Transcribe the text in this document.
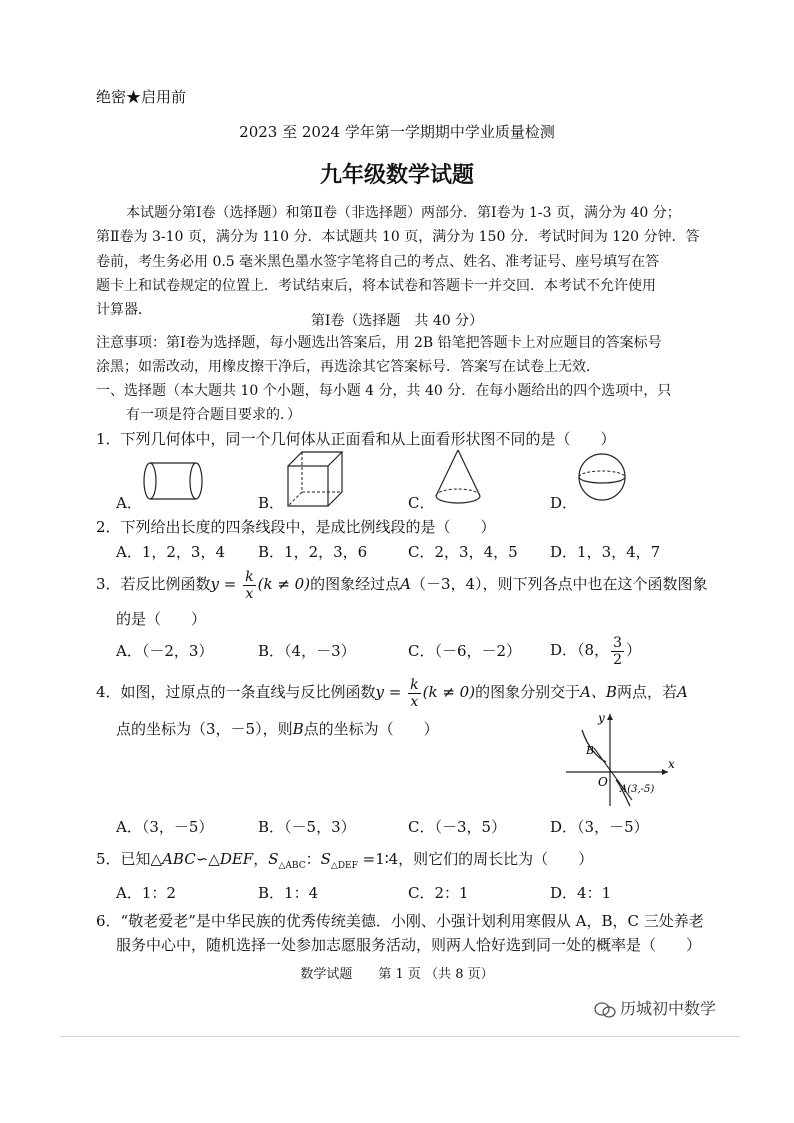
绝密★启用前
2023 至 2024 学年第一学期期中学业质量检测
九年级数学试题
本试题分第Ⅰ卷（选择题）和第Ⅱ卷（非选择题）两部分．第Ⅰ卷为 1-3 页，满分为 40 分；
第Ⅱ卷为 3-10 页，满分为 110 分．本试题共 10 页，满分为 150 分．考试时间为 120 分钟．答
卷前，考生务必用 0.5 毫米黑色墨水签字笔将自己的考点、姓名、准考证号、座号填写在答
题卡上和试卷规定的位置上．考试结束后，将本试卷和答题卡一并交回．本考试不允许使用
计算器．
第Ⅰ卷（选择题　共 40 分）
注意事项：第Ⅰ卷为选择题，每小题选出答案后，用 2B 铅笔把答题卡上对应题目的答案标号
涂黑；如需改动，用橡皮擦干净后，再选涂其它答案标号．答案写在试卷上无效．
一、选择题（本大题共 10 个小题，每小题 4 分，共 40 分．在每小题给出的四个选项中，只
有一项是符合题目要求的．）
1．下列几何体中，同一个几何体从正面看和从上面看形状图不同的是（　　）
A．	B．	C．	D．
2．下列给出长度的四条线段中，是成比例线段的是（　　）
A．1，2，3，4 B．1，2，3，6	C．2，3，4，5 D．1，3，4，7
3．若反比例函数$y = \frac{k}{x} (k \ne 0)$的图象经过点A（－3，4），则下列各点中也在这个函数图象
的是（　　）
A．（－2，3）	B．（4，－3）	C．（－6，－2） D．（8， $\frac{3}{2}$ ）
4．如图，过原点的一条直线与反比例函数$y = \frac{k}{x} (k \ne 0)$的图象分别交于A、B两点，若A
点的坐标为（3，－5），则B点的坐标为（　　）
y
x
O
B
A(3,-5)
A．（3，－5）	B．（－5，3）	C．（－3，5）	D．（3，－5）
5．已知△ABC∽△DEF，$S_{\triangle ABC}$：$S_{\triangle DEF}$ =1∶4，则它们的周长比为（　　）
A．1：2	B．1：4	C．2：1	D．4：1
6．“敬老爱老”是中华民族的优秀传统美德．小刚、小强计划利用寒假从 A，B，C 三处养老
服务中心中，随机选择一处参加志愿服务活动，则两人恰好选到同一处的概率是（　　）
数学试题　　第 1 页 （共 8 页）
历城初中数学
